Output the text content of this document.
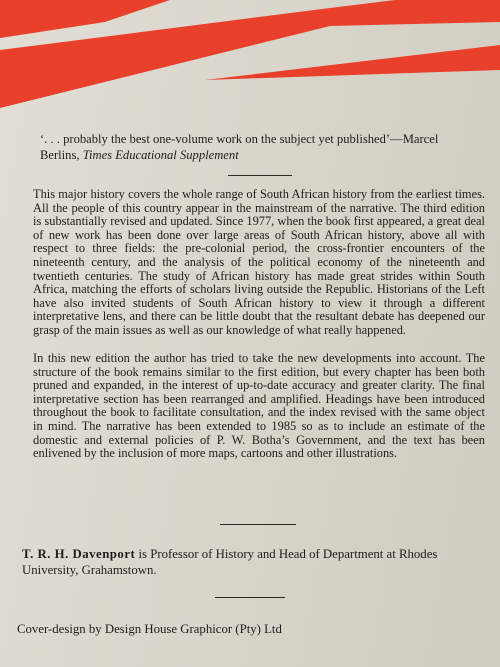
‘. . . probably the best one-volume work on the subject yet published’—Marcel Berlins, Times Educational Supplement

This major history covers the whole range of South African history from the earliest times. All the people of this country appear in the mainstream of the narrative. The third edition is substantially revised and updated. Since 1977, when the book first appeared, a great deal of new work has been done over large areas of South African history, above all with respect to three fields: the pre-colonial period, the cross-frontier encounters of the nineteenth century, and the analysis of the political economy of the nineteenth and twentieth centuries. The study of African history has made great strides within South Africa, matching the efforts of scholars living outside the Republic. Historians of the Left have also invited students of South African history to view it through a different interpretative lens, and there can be little doubt that the resultant debate has deepened our grasp of the main issues as well as our knowledge of what really happened.

In this new edition the author has tried to take the new developments into account. The structure of the book remains similar to the first edition, but every chapter has been both pruned and expanded, in the interest of up-to-date accuracy and greater clarity. The final interpretative section has been rearranged and amplified. Headings have been introduced throughout the book to facilitate consultation, and the index revised with the same object in mind. The narrative has been extended to 1985 so as to include an estimate of the domestic and external policies of P. W. Botha’s Government, and the text has been enlivened by the inclusion of more maps, cartoons and other illustrations.

T. R. H. Davenport is Professor of History and Head of Department at Rhodes University, Grahamstown.

Cover-design by Design House Graphicor (Pty) Ltd
